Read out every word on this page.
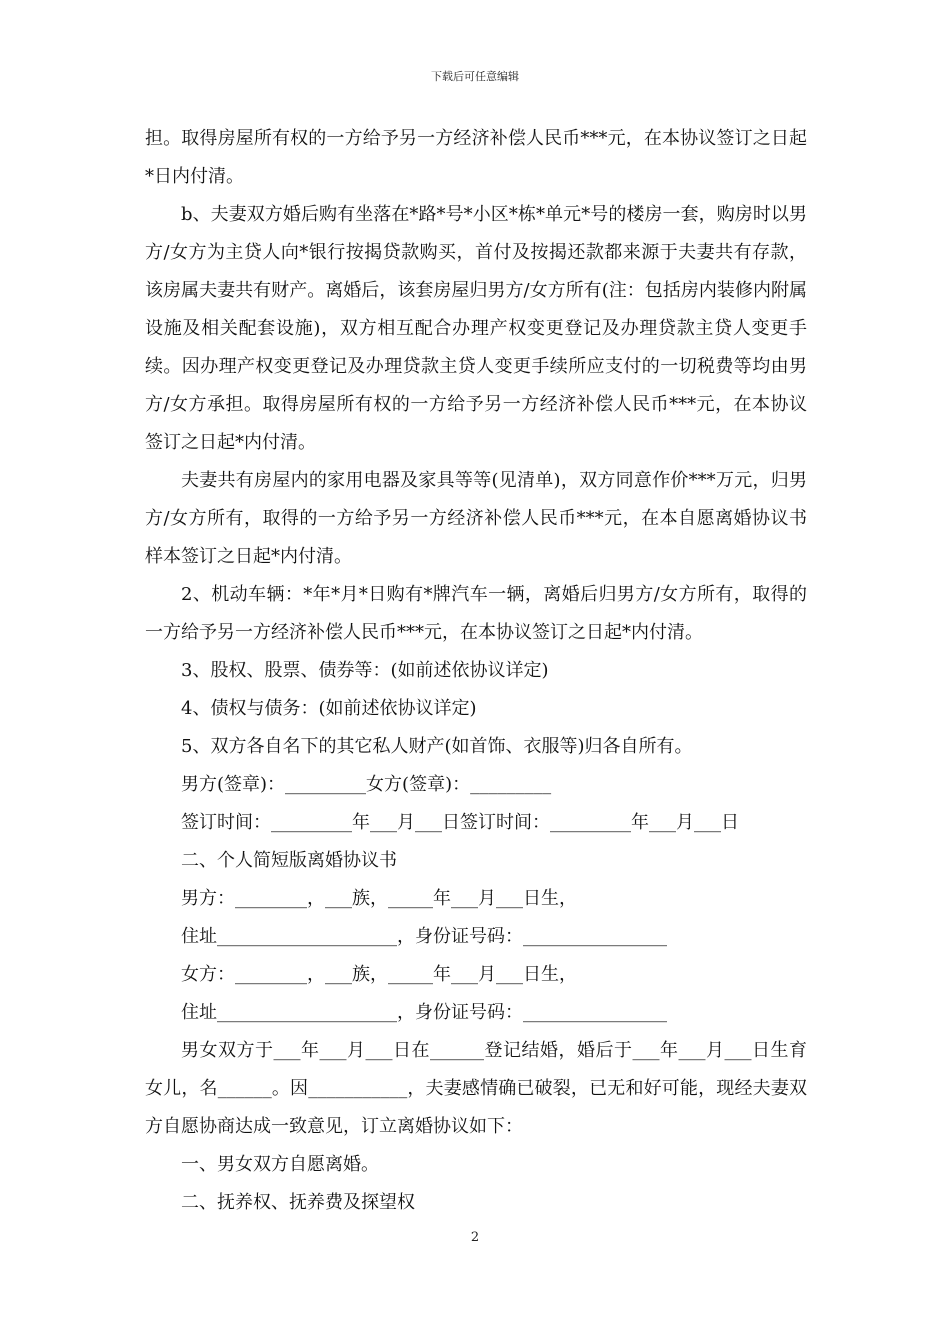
下载后可任意编辑

担。取得房屋所有权的一方给予另一方经济补偿人民币***元，在本协议签订之日起*日内付清。

b、夫妻双方婚后购有坐落在*路*号*小区*栋*单元*号的楼房一套，购房时以男方/女方为主贷人向*银行按揭贷款购买，首付及按揭还款都来源于夫妻共有存款，该房属夫妻共有财产。离婚后，该套房屋归男方/女方所有(注：包括房内装修内附属设施及相关配套设施)，双方相互配合办理产权变更登记及办理贷款主贷人变更手续。因办理产权变更登记及办理贷款主贷人变更手续所应支付的一切税费等均由男方/女方承担。取得房屋所有权的一方给予另一方经济补偿人民币***元，在本协议签订之日起*内付清。

夫妻共有房屋内的家用电器及家具等等(见清单)，双方同意作价***万元，归男方/女方所有，取得的一方给予另一方经济补偿人民币***元，在本自愿离婚协议书样本签订之日起*内付清。

2、机动车辆：*年*月*日购有*牌汽车一辆，离婚后归男方/女方所有，取得的一方给予另一方经济补偿人民币***元，在本协议签订之日起*内付清。

3、股权、股票、债券等：(如前述依协议详定)

4、债权与债务：(如前述依协议详定)

5、双方各自名下的其它私人财产(如首饰、衣服等)归各自所有。

男方(签章)：_________女方(签章)：_________

签订时间：_________年___月___日签订时间：_________年___月___日

二、个人简短版离婚协议书

男方：________，___族，_____年___月___日生，

住址____________________，身份证号码：________________

女方：________，___族，_____年___月___日生，

住址____________________，身份证号码：________________

男女双方于___年___月___日在______登记结婚，婚后于___年___月___日生育女儿，名______。因___________，夫妻感情确已破裂，已无和好可能，现经夫妻双方自愿协商达成一致意见，订立离婚协议如下：

一、男女双方自愿离婚。

二、抚养权、抚养费及探望权

2
